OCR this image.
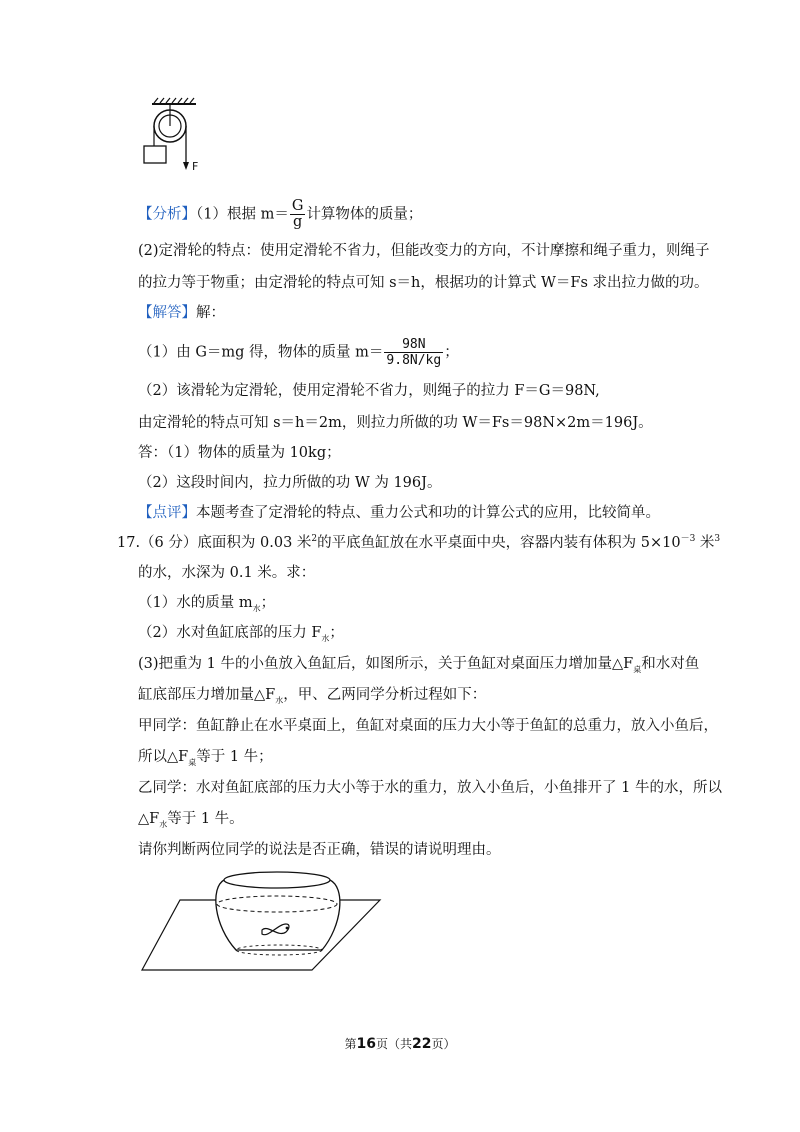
F
【分析】（1）根据 $m= \frac{G}{g}$ 计算物体的质量；
(2)定滑轮的特点：使用定滑轮不省力，但能改变力的方向，不计摩擦和绳子重力，则绳子
的拉力等于物重；由定滑轮的特点可知 s＝h，根据功的计算式 W＝Fs 求出拉力做的功。
【解答】解：
（1）由 G＝mg 得，物体的质量 $m= \frac{98N}{9.8N/kg}$ ；
（2）该滑轮为定滑轮，使用定滑轮不省力，则绳子的拉力 F＝G＝98N,
由定滑轮的特点可知 s＝h＝2m，则拉力所做的功 W＝Fs＝98N×2m＝196J。
答：（1）物体的质量为 10kg；
（2）这段时间内，拉力所做的功 W 为 196J。
【点评】本题考查了定滑轮的特点、重力公式和功的计算公式的应用，比较简单。
17.（6 分）底面积为 0.03 米$^2$的平底鱼缸放在水平桌面中央，容器内装有体积为 $5\times 10^{-3}$ 米$^3$
的水，水深为 0.1 米。求：
（1）水的质量 $m_水$；
（2）水对鱼缸底部的压力 $F_水$；
(3)把重为 1 牛的小鱼放入鱼缸后，如图所示，关于鱼缸对桌面压力增加量$\triangle F_桌$和水对鱼
缸底部压力增加量$\triangle F_水$，甲、乙两同学分析过程如下：
甲同学：鱼缸静止在水平桌面上，鱼缸对桌面的压力大小等于鱼缸的总重力，放入小鱼后，
所以$\triangle F_桌$等于 1 牛；
乙同学：水对鱼缸底部的压力大小等于水的重力，放入小鱼后，小鱼排开了 1 牛的水，所以
$\triangle F_水$等于 1 牛。
请你判断两位同学的说法是否正确，错误的请说明理由。
第16页（共22页）
